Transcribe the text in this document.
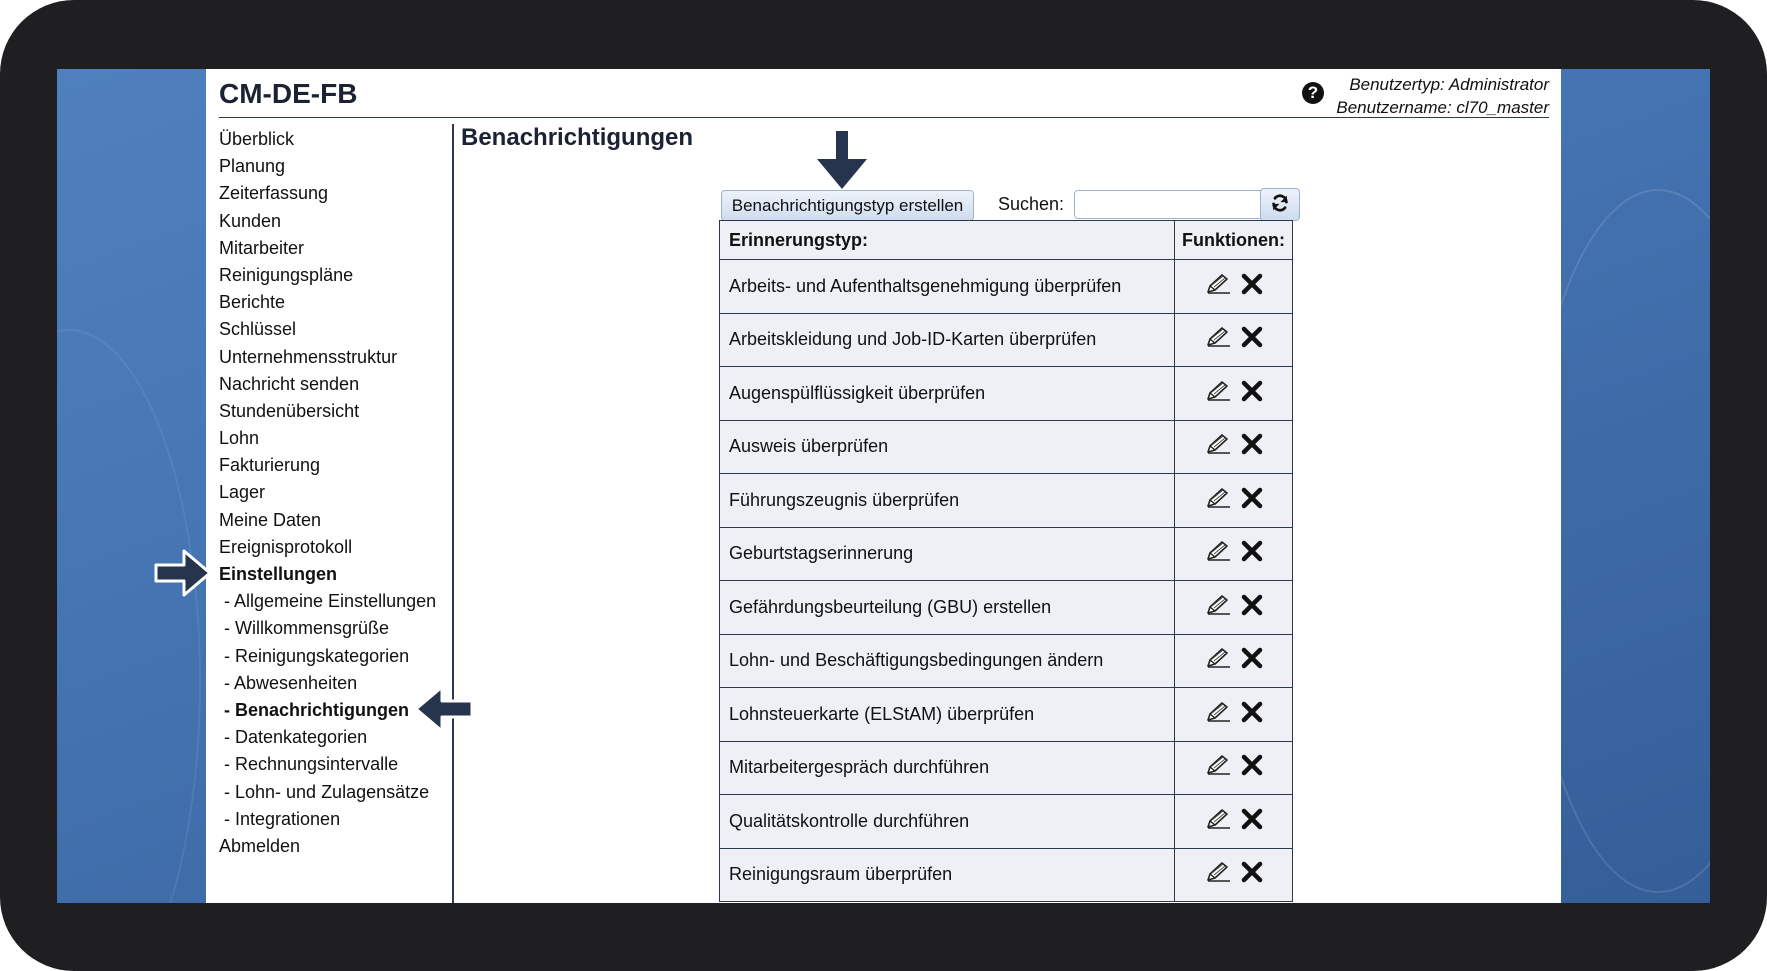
CM-DE-FB	?	Benutzertyp: Administrator
Benutzername: cl70_master
Überblick
Planung
Zeiterfassung
Kunden
Mitarbeiter
Reinigungspläne
Berichte
Schlüssel
Unternehmensstruktur
Nachricht senden
Stundenübersicht
Lohn
Fakturierung
Lager
Meine Daten
Ereignisprotokoll
Einstellungen
- Allgemeine Einstellungen
- Willkommensgrüße
- Reinigungskategorien
- Abwesenheiten
- Benachrichtigungen
- Datenkategorien
- Rechnungsintervalle
- Lohn- und Zulagensätze
- Integrationen
Abmelden
Benachrichtigungen
Benachrichtigungstyp erstellen	Suchen:
Erinnerungstyp:	Funktionen:
Arbeits- und Aufenthaltsgenehmigung überprüfen	
Arbeitskleidung und Job-ID-Karten überprüfen	
Augenspülflüssigkeit überprüfen	
Ausweis überprüfen	
Führungszeugnis überprüfen	
Geburtstagserinnerung	
Gefährdungsbeurteilung (GBU) erstellen	
Lohn- und Beschäftigungsbedingungen ändern	
Lohnsteuerkarte (ELStAM) überprüfen	
Mitarbeitergespräch durchführen	
Qualitätskontrolle durchführen	
Reinigungsraum überprüfen	
